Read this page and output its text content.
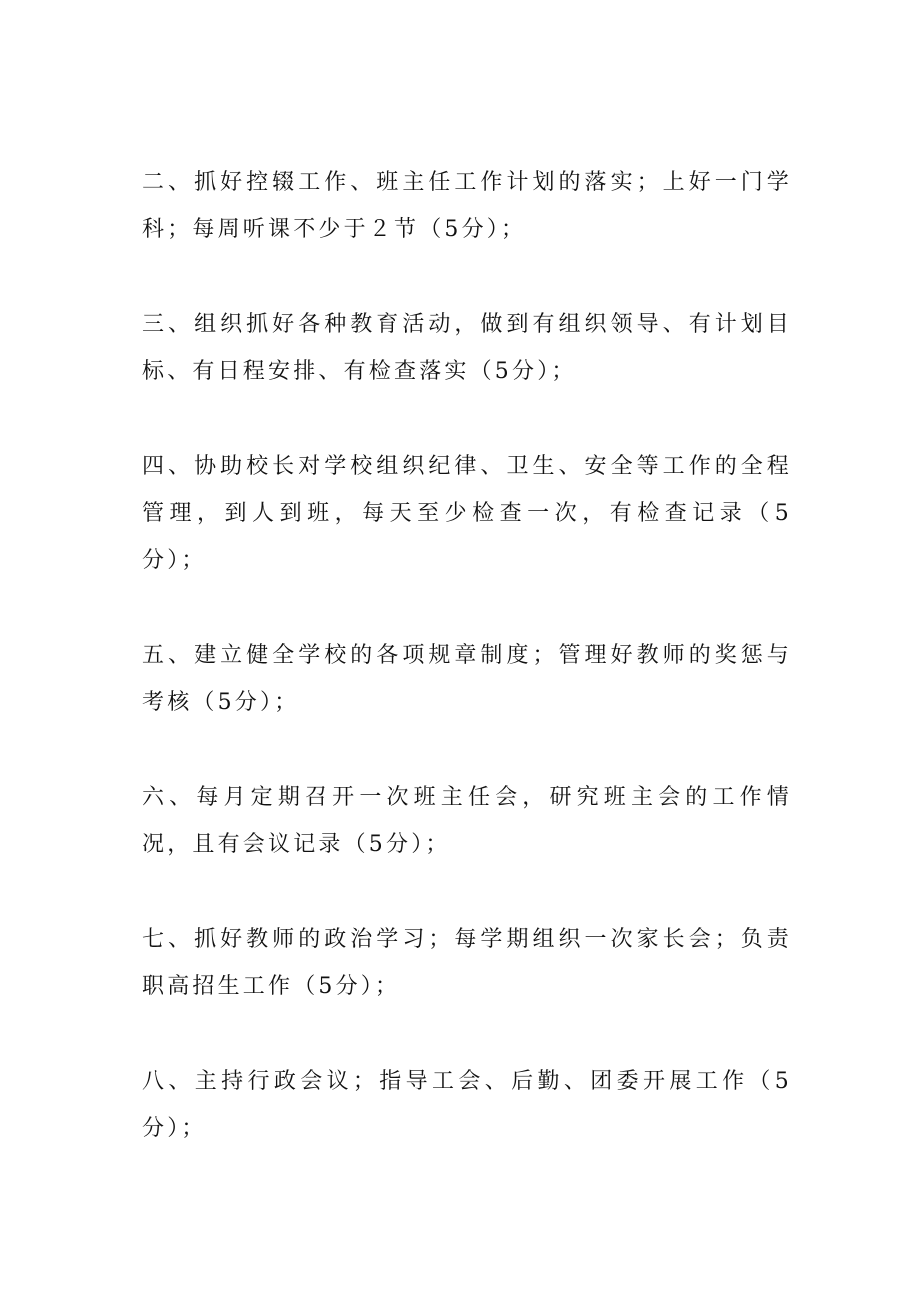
二、抓好控辍工作、班主任工作计划的落实；上好一门学科；每周听课不少于２节（5分）；

三、组织抓好各种教育活动，做到有组织领导、有计划目标、有日程安排、有检查落实（5分）；

四、协助校长对学校组织纪律、卫生、安全等工作的全程管理，到人到班，每天至少检查一次，有检查记录（5分）；

五、建立健全学校的各项规章制度；管理好教师的奖惩与考核（5分）；

六、每月定期召开一次班主任会，研究班主会的工作情况，且有会议记录（5分）；

七、抓好教师的政治学习；每学期组织一次家长会；负责职高招生工作（5分）；

八、主持行政会议；指导工会、后勤、团委开展工作（5分）；
